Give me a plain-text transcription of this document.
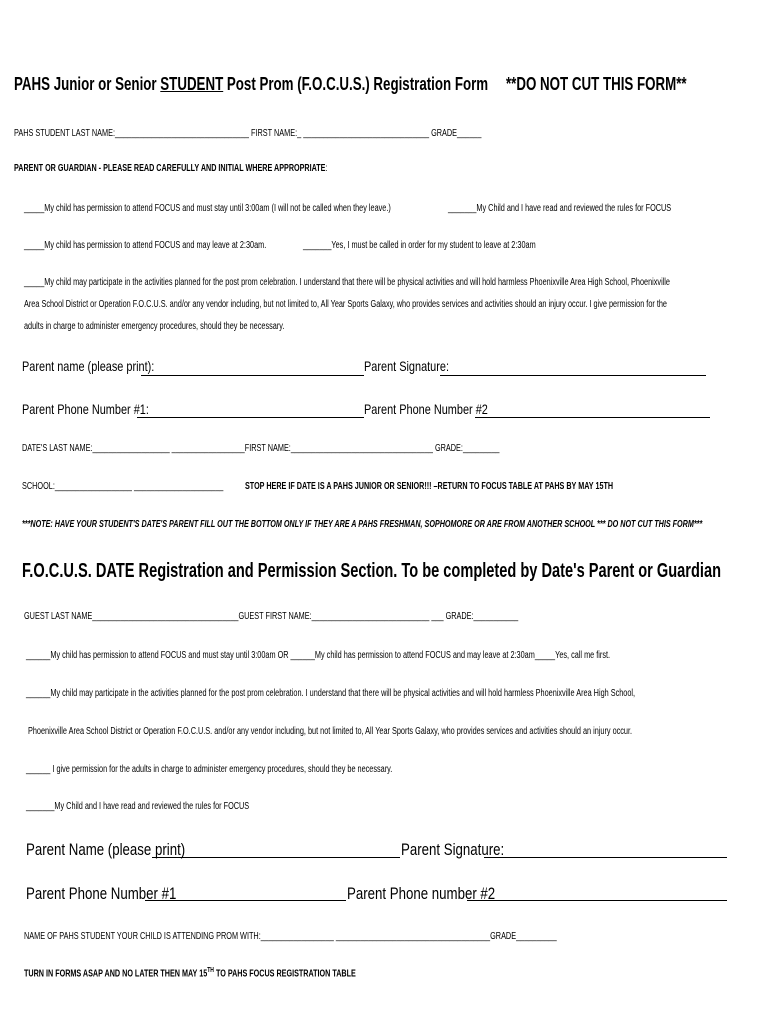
PAHS Junior or Senior STUDENT Post Prom (F.O.C.U.S.) Registration Form **DO NOT CUT THIS FORM**
PAHS STUDENT LAST NAME:_________________________________ FIRST NAME:_ _______________________________ GRADE______
PARENT OR GUARDIAN - PLEASE READ CAREFULLY AND INITIAL WHERE APPROPRIATE:
_____My child has permission to attend FOCUS and must stay until 3:00am (I will not be called when they leave.)	_______My Child and I have read and reviewed the rules for FOCUS
_____My child has permission to attend FOCUS and may leave at 2:30am.	_______Yes, I must be called in order for my student to leave at 2:30am
_____My child may participate in the activities planned for the post prom celebration. I understand that there will be physical activities and will hold harmless Phoenixville Area High School, Phoenixville
Area School District or Operation F.O.C.U.S. and/or any vendor including, but not limited to, All Year Sports Galaxy, who provides services and activities should an injury occur. I give permission for the
adults in charge to administer emergency procedures, should they be necessary.
Parent name (please print):	Parent Signature:
Parent Phone Number #1:	Parent Phone Number #2
DATE'S LAST NAME:___________________ __________________FIRST NAME:___________________________________ GRADE:_________
SCHOOL:___________________ ______________________	STOP HERE IF DATE IS A PAHS JUNIOR OR SENIOR!!! –RETURN TO FOCUS TABLE AT PAHS BY MAY 15TH
***NOTE: HAVE YOUR STUDENT'S DATE'S PARENT FILL OUT THE BOTTOM ONLY IF THEY ARE A PAHS FRESHMAN, SOPHOMORE OR ARE FROM ANOTHER SCHOOL *** DO NOT CUT THIS FORM***
F.O.C.U.S. DATE Registration and Permission Section. To be completed by Date's Parent or Guardian
GUEST LAST NAME____________________________________GUEST FIRST NAME:_____________________________ ___ GRADE:___________
______My child has permission to attend FOCUS and must stay until 3:00am OR ______My child has permission to attend FOCUS and may leave at 2:30am_____Yes, call me first.
______My child may participate in the activities planned for the post prom celebration. I understand that there will be physical activities and will hold harmless Phoenixville Area High School,
Phoenixville Area School District or Operation F.O.C.U.S. and/or any vendor including, but not limited to, All Year Sports Galaxy, who provides services and activities should an injury occur.
______ I give permission for the adults in charge to administer emergency procedures, should they be necessary.
_______My Child and I have read and reviewed the rules for FOCUS
Parent Name (please print)	Parent Signature:
Parent Phone Number #1	Parent Phone number #2
NAME OF PAHS STUDENT YOUR CHILD IS ATTENDING PROM WITH:__________________ ______________________________________GRADE__________
TURN IN FORMS ASAP AND NO LATER THEN MAY 15TH TO PAHS FOCUS REGISTRATION TABLE
